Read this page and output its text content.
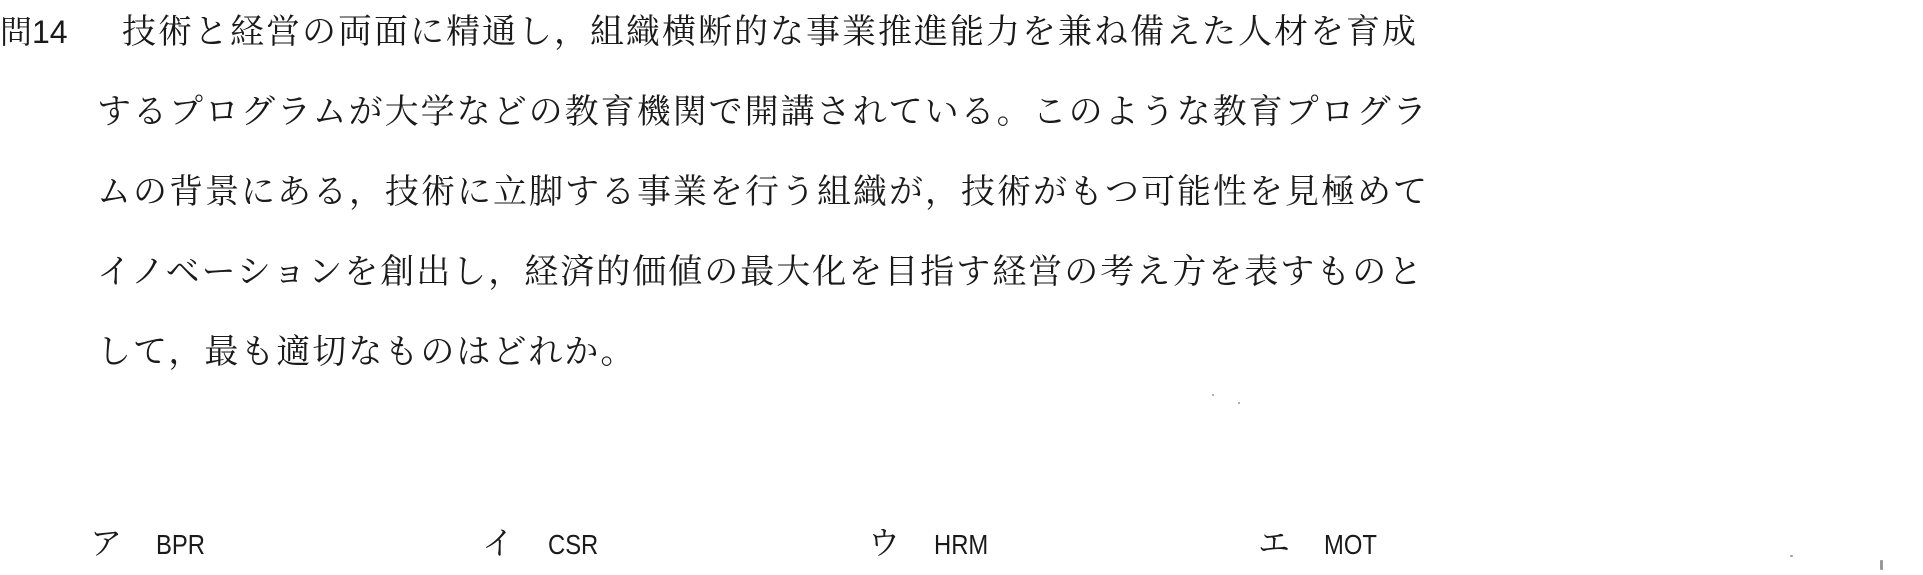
問14 技術と経営の両面に精通し，組織横断的な事業推進能力を兼ね備えた人材を育成
するプログラムが大学などの教育機関で開講されている。このような教育プログラ
ムの背景にある，技術に立脚する事業を行う組織が，技術がもつ可能性を見極めて
イノベーションを創出し，経済的価値の最大化を目指す経営の考え方を表すものと
して，最も適切なものはどれか。
ア BPR	イ CSR	ウ HRM	エ MOT
